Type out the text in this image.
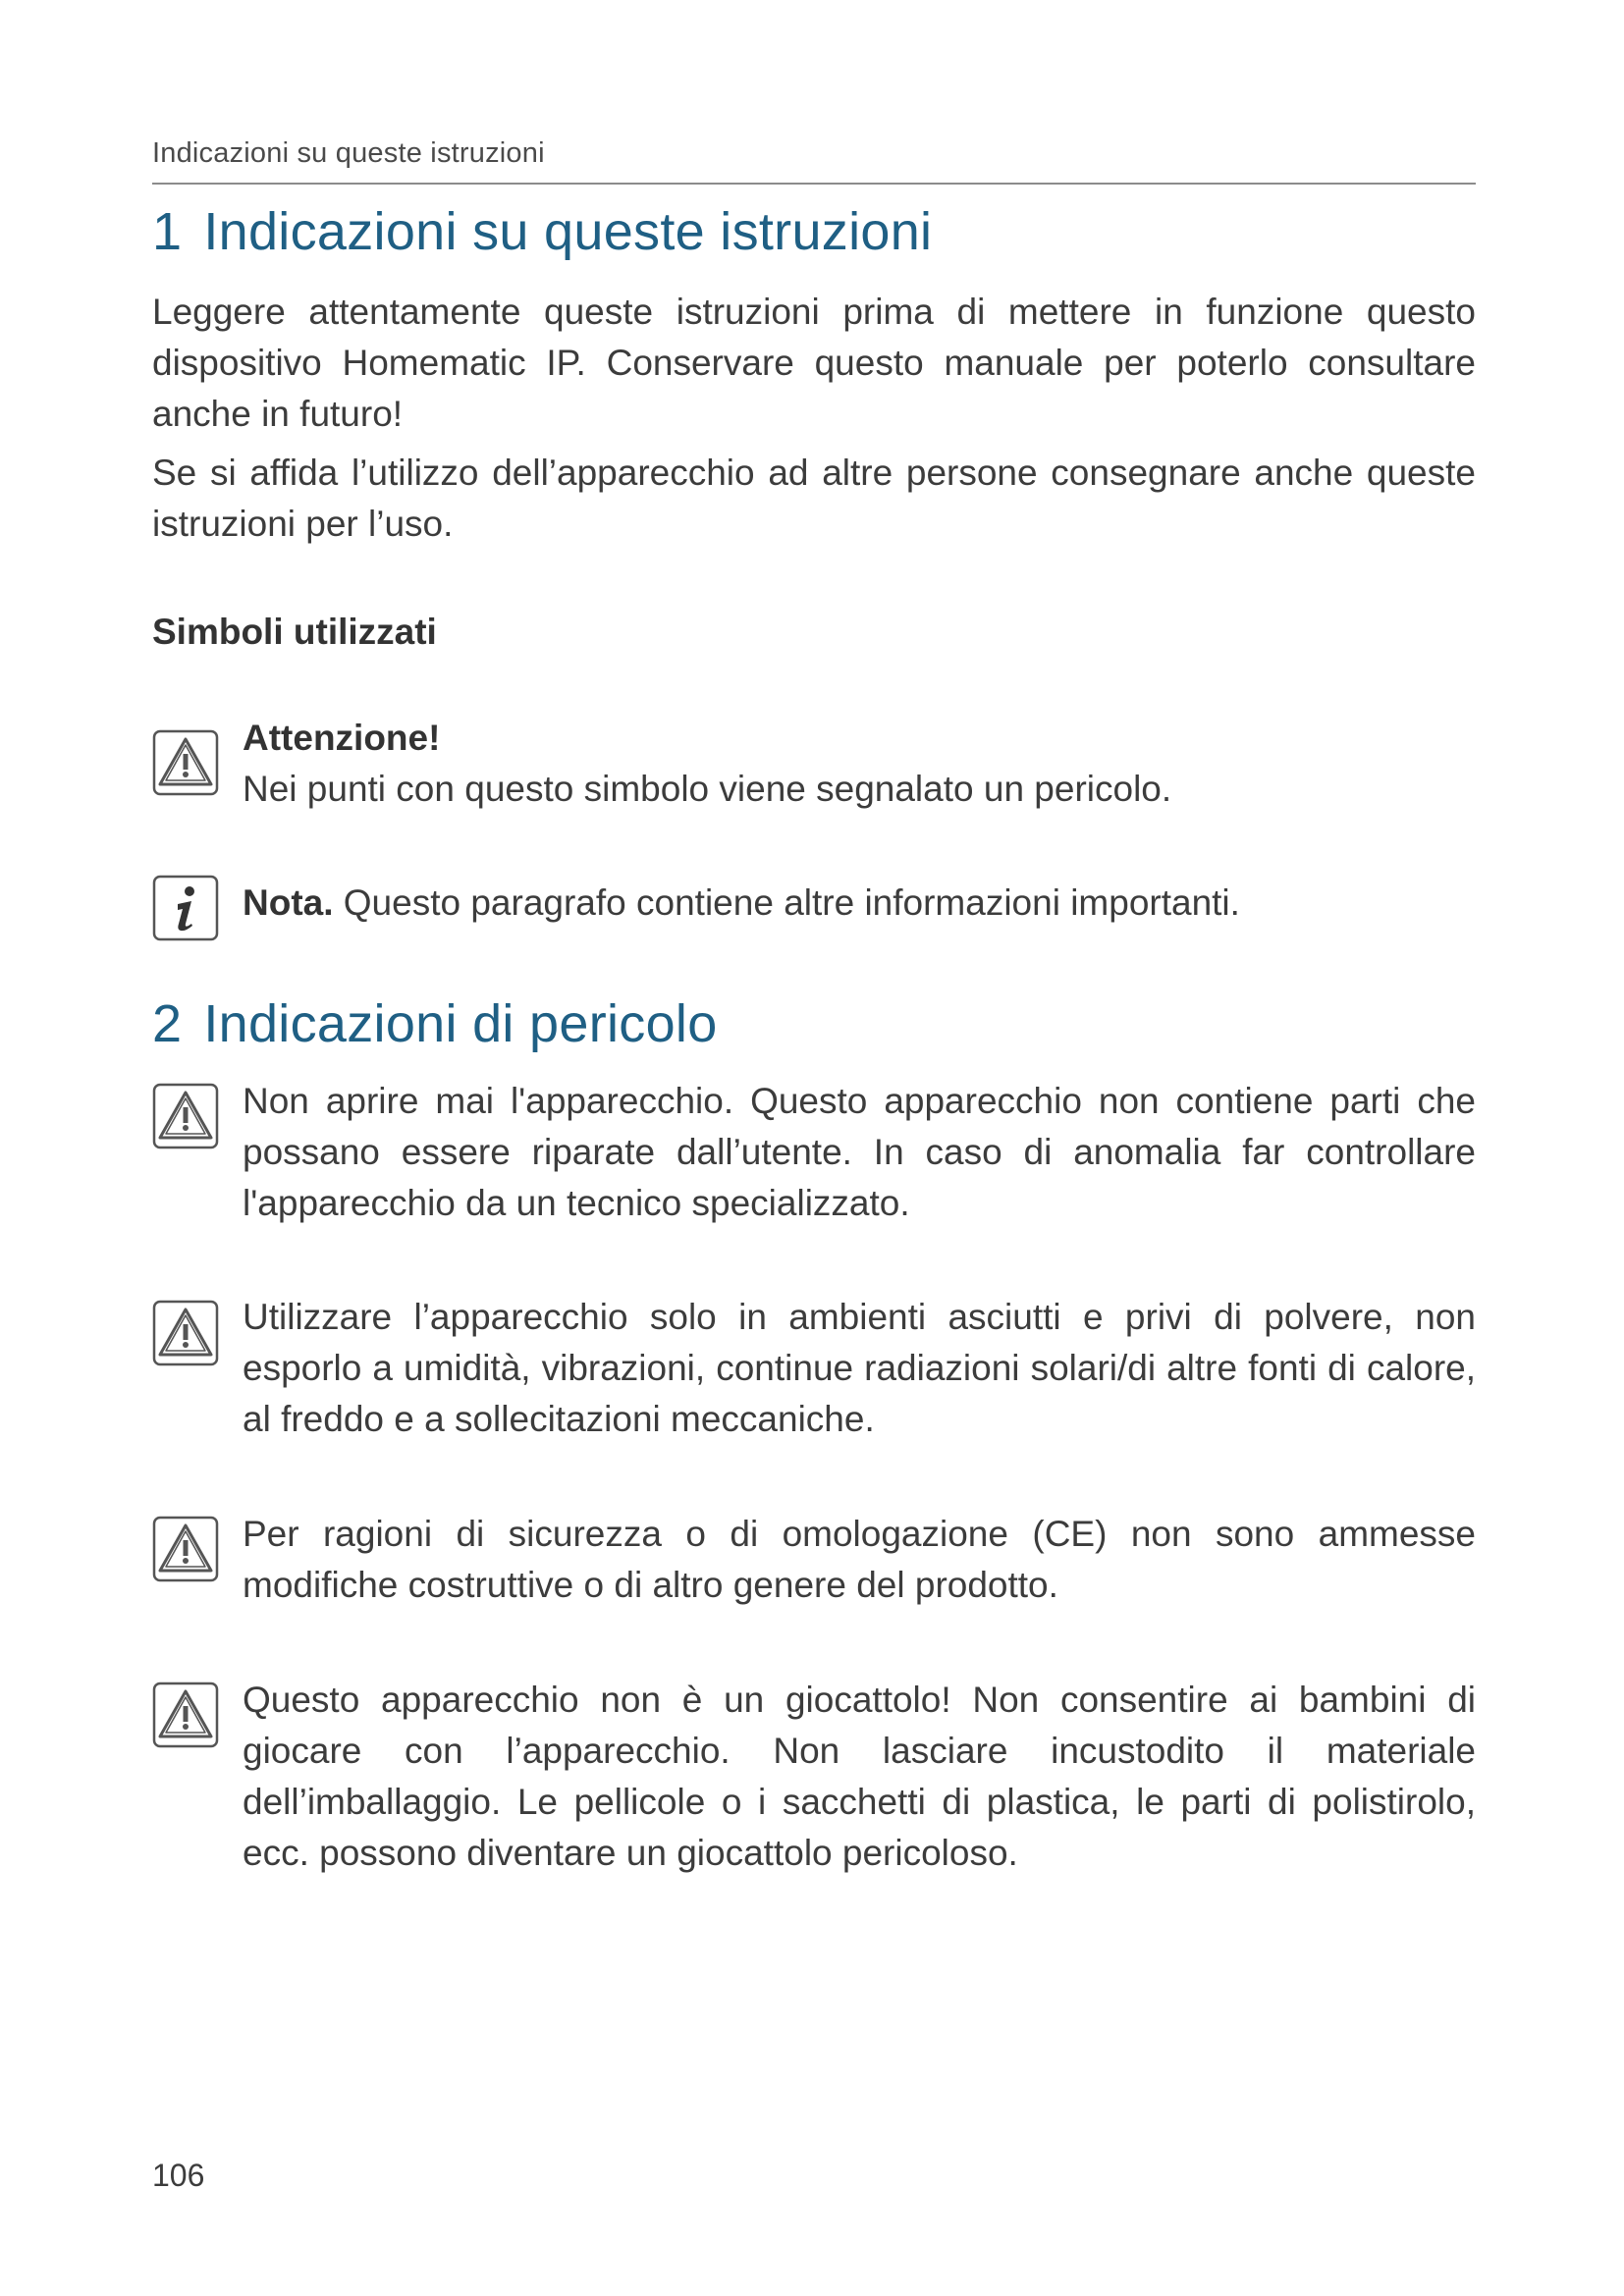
Indicazioni su queste istruzioni
1 Indicazioni su queste istruzioni
Leggere attentamente queste istruzioni prima di mettere in funzione questo dispositivo Homematic IP. Conservare questo manuale per poterlo consultare anche in futuro!
Se si affida l’utilizzo dell’apparecchio ad altre persone consegnare anche queste istruzioni per l’uso.
Simboli utilizzati
Attenzione!
Nei punti con questo simbolo viene segnalato un pericolo.
Nota. Questo paragrafo contiene altre informazioni importanti.
2 Indicazioni di pericolo
Non aprire mai l'apparecchio. Questo apparecchio non contiene parti che possano essere riparate dall’utente. In caso di anomalia far controllare l'apparecchio da un tecnico specializzato.
Utilizzare l’apparecchio solo in ambienti asciutti e privi di polvere, non esporlo a umidità, vibrazioni, continue radiazioni solari/di altre fonti di calore, al freddo e a sollecitazioni meccaniche.
Per ragioni di sicurezza o di omologazione (CE) non sono ammesse modifiche costruttive o di altro genere del prodotto.
Questo apparecchio non è un giocattolo! Non consentire ai bambini di giocare con l’apparecchio. Non lasciare incustodito il materiale dell’imballaggio. Le pellicole o i sacchetti di plastica, le parti di polistirolo, ecc. possono diventare un giocattolo pericoloso.
106
